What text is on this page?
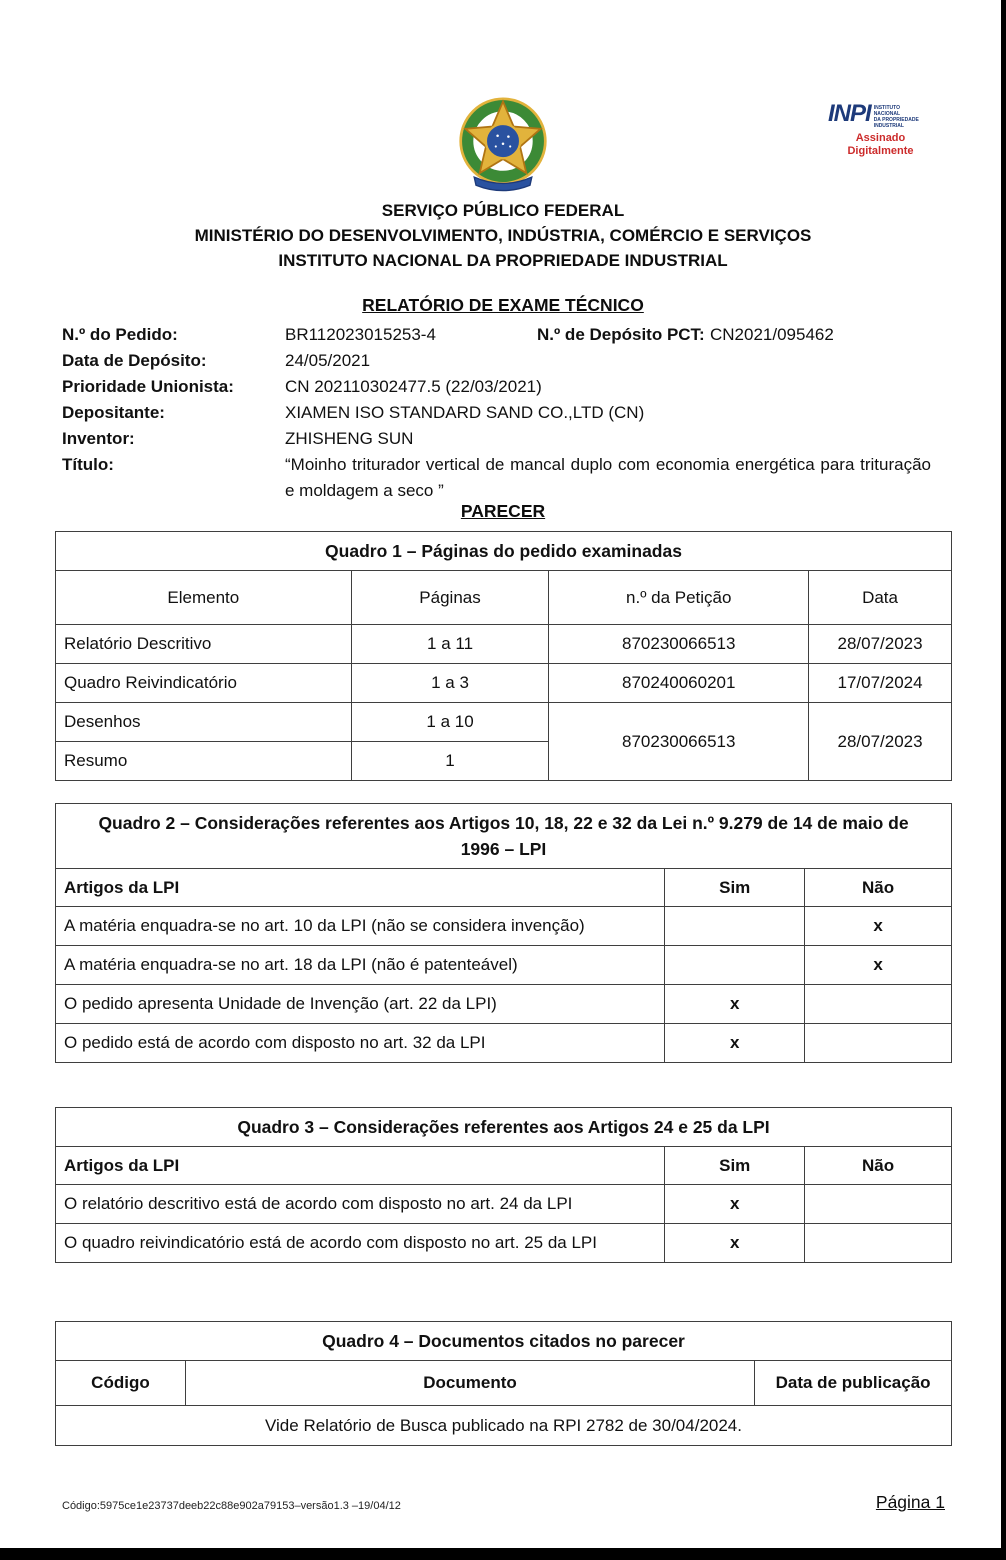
INPI INSTITUTO
NACIONAL
DA PROPRIEDADE
INDUSTRIAL
Assinado
Digitalmente
SERVIÇO PÚBLICO FEDERAL
MINISTÉRIO DO DESENVOLVIMENTO, INDÚSTRIA, COMÉRCIO E SERVIÇOS
INSTITUTO NACIONAL DA PROPRIEDADE INDUSTRIAL
RELATÓRIO DE EXAME TÉCNICO
N.º do Pedido:	BR112023015253-4	N.º de Depósito PCT: CN2021/095462
Data de Depósito:	24/05/2021
Prioridade Unionista:	CN 202110302477.5 (22/03/2021)
Depositante:	XIAMEN ISO STANDARD SAND CO.,LTD (CN)
Inventor:	ZHISHENG SUN
Título:	“Moinho triturador vertical de mancal duplo com economia energética para trituração e moldagem a seco ”
PARECER
Quadro 1 – Páginas do pedido examinadas			
Elemento	Páginas	n.º da Petição	Data
Relatório Descritivo	1 a 11	870230066513	28/07/2023
Quadro Reivindicatório	1 a 3	870240060201	17/07/2024
Desenhos	1 a 10	870230066513	28/07/2023
Resumo	1		
Quadro 2 – Considerações referentes aos Artigos 10, 18, 22 e 32 da Lei n.º 9.279 de 14 de maio de 1996 – LPI		
Artigos da LPI	Sim	Não
A matéria enquadra-se no art. 10 da LPI (não se considera invenção)		x
A matéria enquadra-se no art. 18 da LPI (não é patenteável)		x
O pedido apresenta Unidade de Invenção (art. 22 da LPI)	x	
O pedido está de acordo com disposto no art. 32 da LPI	x	
Quadro 3 – Considerações referentes aos Artigos 24 e 25 da LPI		
Artigos da LPI	Sim	Não
O relatório descritivo está de acordo com disposto no art. 24 da LPI	x	
O quadro reivindicatório está de acordo com disposto no art. 25 da LPI	x	
Quadro 4 – Documentos citados no parecer
Código	Documento	Data de publicação
Vide Relatório de Busca publicado na RPI 2782 de 30/04/2024.
Código:5975ce1e23737deeb22c88e902a79153–versão1.3 –19/04/12	Página 1
